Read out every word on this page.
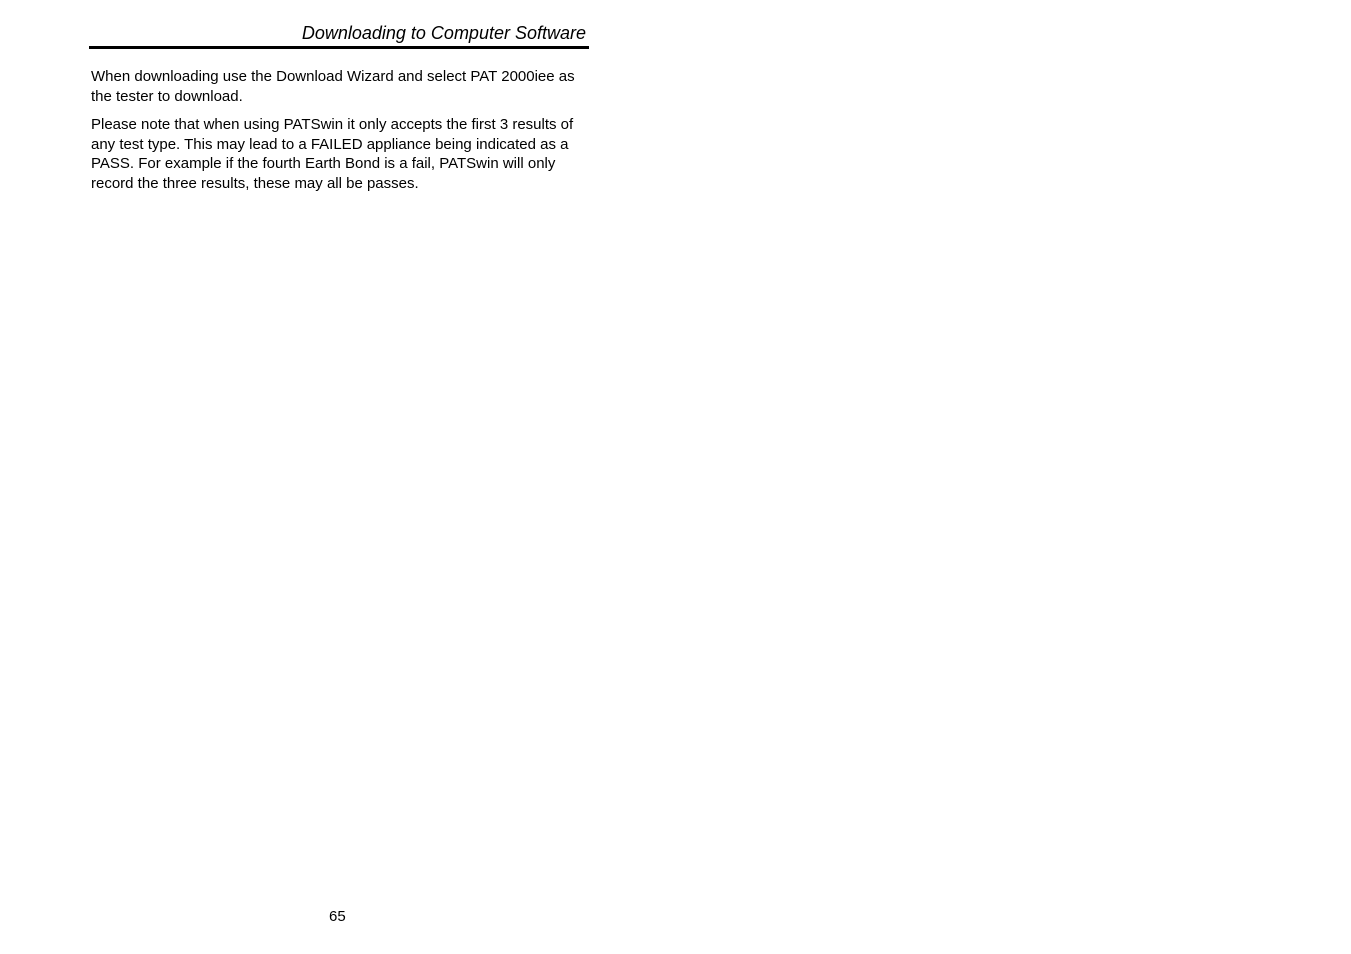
Downloading to Computer Software

When downloading use the Download Wizard and select PAT 2000iee as the tester to download.

Please note that when using PATSwin it only accepts the first 3 results of any test type. This may lead to a FAILED appliance being indicated as a PASS. For example if the fourth Earth Bond is a fail, PATSwin will only record the three results, these may all be passes.

65
